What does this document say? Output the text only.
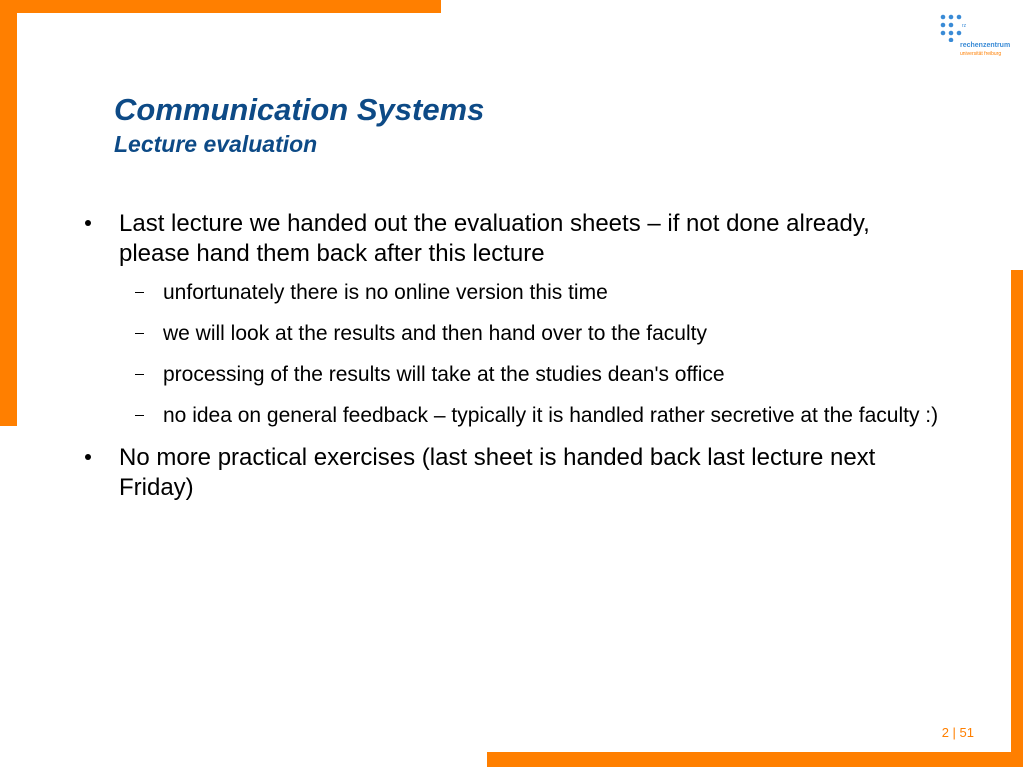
rz
rechenzentrum
universität freiburg
Communication Systems
Lecture evaluation
Last lecture we handed out the evaluation sheets – if not done already, please hand them back after this lecture
unfortunately there is no online version this time
we will look at the results and then hand over to the faculty
processing of the results will take at the studies dean's office
no idea on general feedback – typically it is handled rather secretive at the faculty :)
No more practical exercises (last sheet is handed back last lecture next Friday)
2 | 51
